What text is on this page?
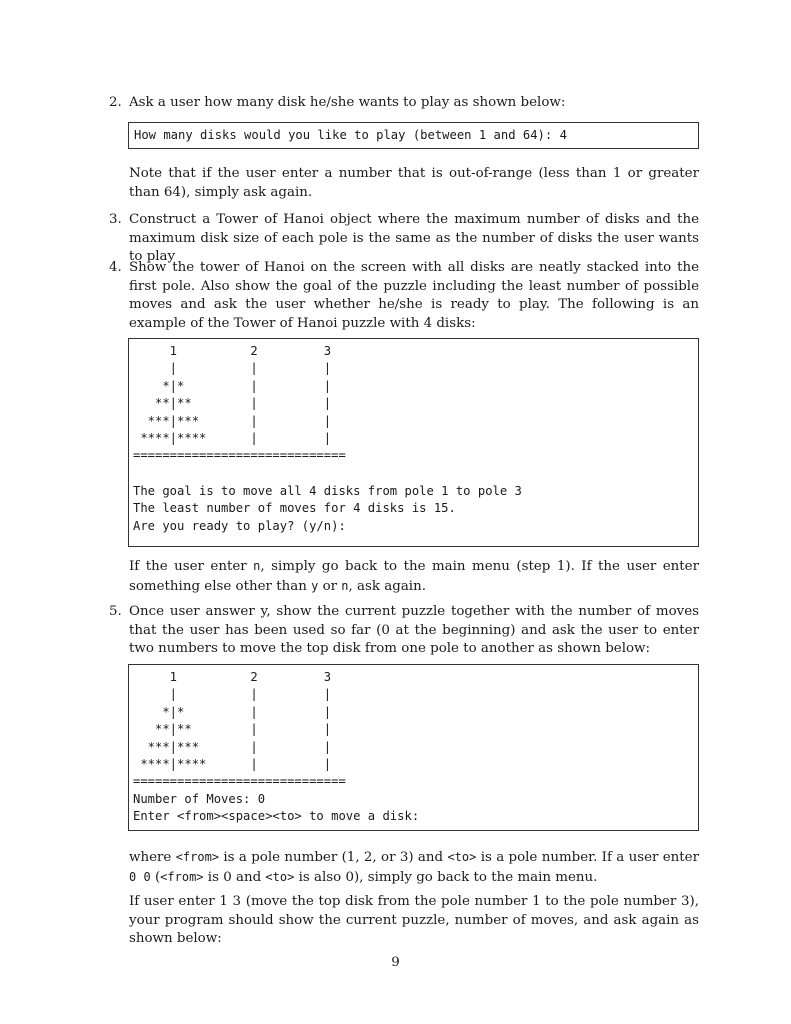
2. Ask a user how many disk he/she wants to play as shown below:
How many disks would you like to play (between 1 and 64): 4
Note that if the user enter a number that is out-of-range (less than 1 or greater than 64), simply ask again.
3. Construct a Tower of Hanoi object where the maximum number of disks and the maximum disk size of each pole is the same as the number of disks the user wants to play
4. Show the tower of Hanoi on the screen with all disks are neatly stacked into the first pole. Also show the goal of the puzzle including the least number of possible moves and ask the user whether he/she is ready to play. The following is an example of the Tower of Hanoi puzzle with 4 disks:
1          2         3
|          |         |
*|*         |         |
**|**        |         |
***|***       |         |
****|****      |         |
=============================
The goal is to move all 4 disks from pole 1 to pole 3
The least number of moves for 4 disks is 15.
Are you ready to play? (y/n):
If the user enter n, simply go back to the main menu (step 1). If the user enter something else other than y or n, ask again.
5. Once user answer y, show the current puzzle together with the number of moves that the user has been used so far (0 at the beginning) and ask the user to enter two numbers to move the top disk from one pole to another as shown below:
1          2         3
|          |         |
*|*         |         |
**|**        |         |
***|***       |         |
****|****      |         |
=============================
Number of Moves: 0
Enter <from><space><to> to move a disk:
where <from> is a pole number (1, 2, or 3) and <to> is a pole number. If a user enter 0 0 (<from> is 0 and <to> is also 0), simply go back to the main menu.
If user enter 1 3 (move the top disk from the pole number 1 to the pole number 3), your program should show the current puzzle, number of moves, and ask again as shown below:
9
